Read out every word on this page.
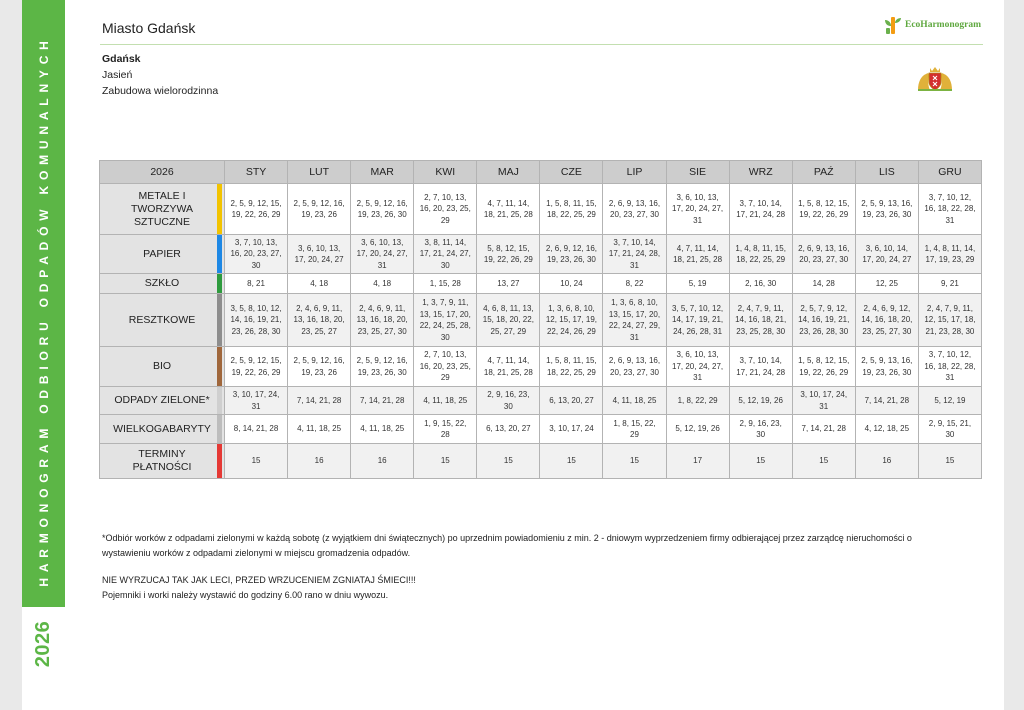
HARMONOGRAM ODBIORU ODPADÓW KOMUNALNYCH
2026
Miasto Gdańsk	EcoHarmonogram
Gdańsk
Jasień
Zabudowa wielorodzinna
2026	STY	LUT	MAR	KWI	MAJ	CZE	LIP	SIE	WRZ	PAŹ	LIS	GRU
METALE I TWORZYWA SZTUCZNE	2, 5, 9, 12, 15, 19, 22, 26, 29	2, 5, 9, 12, 16, 19, 23, 26	2, 5, 9, 12, 16, 19, 23, 26, 30	2, 7, 10, 13, 16, 20, 23, 25, 29	4, 7, 11, 14, 18, 21, 25, 28	1, 5, 8, 11, 15, 18, 22, 25, 29	2, 6, 9, 13, 16, 20, 23, 27, 30	3, 6, 10, 13, 17, 20, 24, 27, 31	3, 7, 10, 14, 17, 21, 24, 28	1, 5, 8, 12, 15, 19, 22, 26, 29	2, 5, 9, 13, 16, 19, 23, 26, 30	3, 7, 10, 12, 16, 18, 22, 28, 31
PAPIER	3, 7, 10, 13, 16, 20, 23, 27, 30	3, 6, 10, 13, 17, 20, 24, 27	3, 6, 10, 13, 17, 20, 24, 27, 31	3, 8, 11, 14, 17, 21, 24, 27, 30	5, 8, 12, 15, 19, 22, 26, 29	2, 6, 9, 12, 16, 19, 23, 26, 30	3, 7, 10, 14, 17, 21, 24, 28, 31	4, 7, 11, 14, 18, 21, 25, 28	1, 4, 8, 11, 15, 18, 22, 25, 29	2, 6, 9, 13, 16, 20, 23, 27, 30	3, 6, 10, 14, 17, 20, 24, 27	1, 4, 8, 11, 14, 17, 19, 23, 29
SZKŁO	8, 21	4, 18	4, 18	1, 15, 28	13, 27	10, 24	8, 22	5, 19	2, 16, 30	14, 28	12, 25	9, 21
RESZTKOWE	3, 5, 8, 10, 12, 14, 16, 19, 21, 23, 26, 28, 30	2, 4, 6, 9, 11, 13, 16, 18, 20, 23, 25, 27	2, 4, 6, 9, 11, 13, 16, 18, 20, 23, 25, 27, 30	1, 3, 7, 9, 11, 13, 15, 17, 20, 22, 24, 25, 28, 30	4, 6, 8, 11, 13, 15, 18, 20, 22, 25, 27, 29	1, 3, 6, 8, 10, 12, 15, 17, 19, 22, 24, 26, 29	1, 3, 6, 8, 10, 13, 15, 17, 20, 22, 24, 27, 29, 31	3, 5, 7, 10, 12, 14, 17, 19, 21, 24, 26, 28, 31	2, 4, 7, 9, 11, 14, 16, 18, 21, 23, 25, 28, 30	2, 5, 7, 9, 12, 14, 16, 19, 21, 23, 26, 28, 30	2, 4, 6, 9, 12, 14, 16, 18, 20, 23, 25, 27, 30	2, 4, 7, 9, 11, 12, 15, 17, 18, 21, 23, 28, 30
BIO	2, 5, 9, 12, 15, 19, 22, 26, 29	2, 5, 9, 12, 16, 19, 23, 26	2, 5, 9, 12, 16, 19, 23, 26, 30	2, 7, 10, 13, 16, 20, 23, 25, 29	4, 7, 11, 14, 18, 21, 25, 28	1, 5, 8, 11, 15, 18, 22, 25, 29	2, 6, 9, 13, 16, 20, 23, 27, 30	3, 6, 10, 13, 17, 20, 24, 27, 31	3, 7, 10, 14, 17, 21, 24, 28	1, 5, 8, 12, 15, 19, 22, 26, 29	2, 5, 9, 13, 16, 19, 23, 26, 30	3, 7, 10, 12, 16, 18, 22, 28, 31
ODPADY ZIELONE*	3, 10, 17, 24, 31	7, 14, 21, 28	7, 14, 21, 28	4, 11, 18, 25	2, 9, 16, 23, 30	6, 13, 20, 27	4, 11, 18, 25	1, 8, 22, 29	5, 12, 19, 26	3, 10, 17, 24, 31	7, 14, 21, 28	5, 12, 19
WIELKOGABARYTY	8, 14, 21, 28	4, 11, 18, 25	4, 11, 18, 25	1, 9, 15, 22, 28	6, 13, 20, 27	3, 10, 17, 24	1, 8, 15, 22, 29	5, 12, 19, 26	2, 9, 16, 23, 30	7, 14, 21, 28	4, 12, 18, 25	2, 9, 15, 21, 30
TERMINY PŁATNOŚCI	15	16	16	15	15	15	15	17	15	15	16	15
*Odbiór worków z odpadami zielonymi w każdą sobotę (z wyjątkiem dni świątecznych) po uprzednim powiadomieniu z min. 2 - dniowym wyprzedzeniem firmy odbierającej przez zarządcę nieruchomości o
wystawieniu worków z odpadami zielonymi w miejscu gromadzenia odpadów.
NIE WYRZUCAJ TAK JAK LECI, PRZED WRZUCENIEM ZGNIATAJ ŚMIECI!!!
Pojemniki i worki należy wystawić do godziny 6.00 rano w dniu wywozu.
